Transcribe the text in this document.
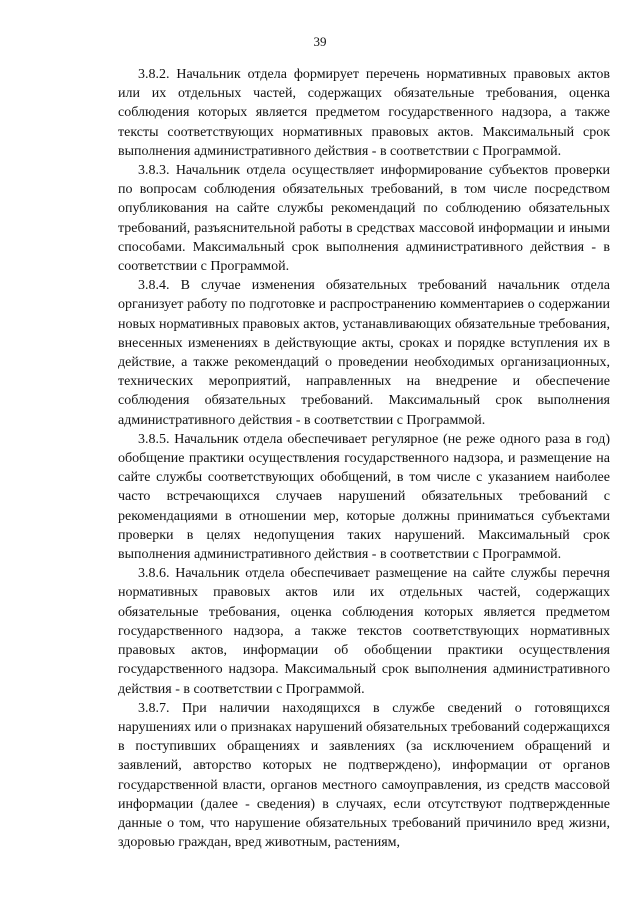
39

3.8.2. Начальник отдела формирует перечень нормативных правовых актов или их отдельных частей, содержащих обязательные требования, оценка соблюдения которых является предметом государственного надзора, а также тексты соответствующих нормативных правовых актов. Максимальный срок выполнения административного действия - в соответствии с Программой.

3.8.3. Начальник отдела осуществляет информирование субъектов проверки по вопросам соблюдения обязательных требований, в том числе посредством опубликования на сайте службы рекомендаций по соблюдению обязательных требований, разъяснительной работы в средствах массовой информации и иными способами. Максимальный срок выполнения административного действия - в соответствии с Программой.

3.8.4. В случае изменения обязательных требований начальник отдела организует работу по подготовке и распространению комментариев о содержании новых нормативных правовых актов, устанавливающих обязательные требования, внесенных изменениях в действующие акты, сроках и порядке вступления их в действие, а также рекомендаций о проведении необходимых организационных, технических мероприятий, направленных на внедрение и обеспечение соблюдения обязательных требований. Максимальный срок выполнения административного действия - в соответствии с Программой.

3.8.5. Начальник отдела обеспечивает регулярное (не реже одного раза в год) обобщение практики осуществления государственного надзора, и размещение на сайте службы соответствующих обобщений, в том числе с указанием наиболее часто встречающихся случаев нарушений обязательных требований с рекомендациями в отношении мер, которые должны приниматься субъектами проверки в целях недопущения таких нарушений. Максимальный срок выполнения административного действия - в соответствии с Программой.

3.8.6. Начальник отдела обеспечивает размещение на сайте службы перечня нормативных правовых актов или их отдельных частей, содержащих обязательные требования, оценка соблюдения которых является предметом государственного надзора, а также текстов соответствующих нормативных правовых актов, информации об обобщении практики осуществления государственного надзора. Максимальный срок выполнения административного действия - в соответствии с Программой.

3.8.7. При наличии находящихся в службе сведений о готовящихся нарушениях или о признаках нарушений обязательных требований содержащихся в поступивших обращениях и заявлениях (за исключением обращений и заявлений, авторство которых не подтверждено), информации от органов государственной власти, органов местного самоуправления, из средств массовой информации (далее - сведения) в случаях, если отсутствуют подтвержденные данные о том, что нарушение обязательных требований причинило вред жизни, здоровью граждан, вред животным, растениям,
